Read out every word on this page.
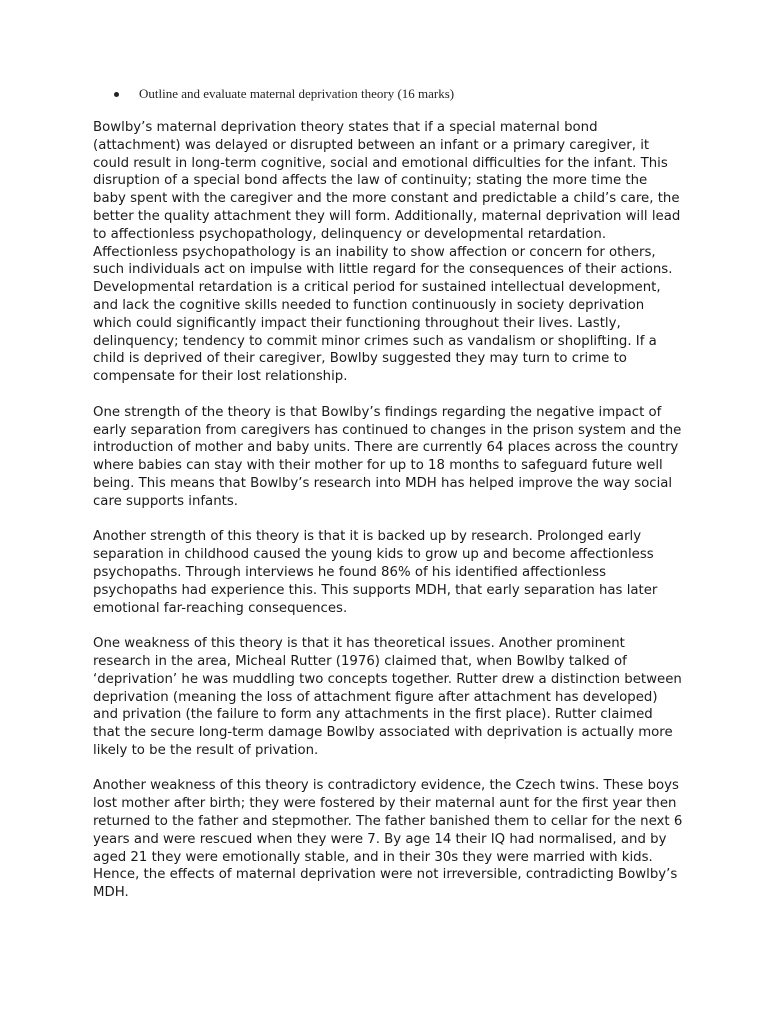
Outline and evaluate maternal deprivation theory (16 marks)

Bowlby’s maternal deprivation theory states that if a special maternal bond (attachment) was delayed or disrupted between an infant or a primary caregiver, it could result in long-term cognitive, social and emotional difficulties for the infant. This disruption of a special bond affects the law of continuity; stating the more time the baby spent with the caregiver and the more constant and predictable a child’s care, the better the quality attachment they will form. Additionally, maternal deprivation will lead to affectionless psychopathology, delinquency or developmental retardation. Affectionless psychopathology is an inability to show affection or concern for others, such individuals act on impulse with little regard for the consequences of their actions. Developmental retardation is a critical period for sustained intellectual development, and lack the cognitive skills needed to function continuously in society deprivation which could significantly impact their functioning throughout their lives. Lastly, delinquency; tendency to commit minor crimes such as vandalism or shoplifting. If a child is deprived of their caregiver, Bowlby suggested they may turn to crime to compensate for their lost relationship.

One strength of the theory is that Bowlby’s findings regarding the negative impact of early separation from caregivers has continued to changes in the prison system and the introduction of mother and baby units. There are currently 64 places across the country where babies can stay with their mother for up to 18 months to safeguard future well being. This means that Bowlby’s research into MDH has helped improve the way social care supports infants.

Another strength of this theory is that it is backed up by research. Prolonged early separation in childhood caused the young kids to grow up and become affectionless psychopaths. Through interviews he found 86% of his identified affectionless psychopaths had experience this. This supports MDH, that early separation has later emotional far-reaching consequences.

One weakness of this theory is that it has theoretical issues. Another prominent research in the area, Micheal Rutter (1976) claimed that, when Bowlby talked of ‘deprivation’ he was muddling two concepts together. Rutter drew a distinction between deprivation (meaning the loss of attachment figure after attachment has developed) and privation (the failure to form any attachments in the first place). Rutter claimed that the secure long-term damage Bowlby associated with deprivation is actually more likely to be the result of privation.

Another weakness of this theory is contradictory evidence, the Czech twins. These boys lost mother after birth; they were fostered by their maternal aunt for the first year then returned to the father and stepmother. The father banished them to cellar for the next 6 years and were rescued when they were 7. By age 14 their IQ had normalised, and by aged 21 they were emotionally stable, and in their 30s they were married with kids. Hence, the effects of maternal deprivation were not irreversible, contradicting Bowlby’s MDH.
